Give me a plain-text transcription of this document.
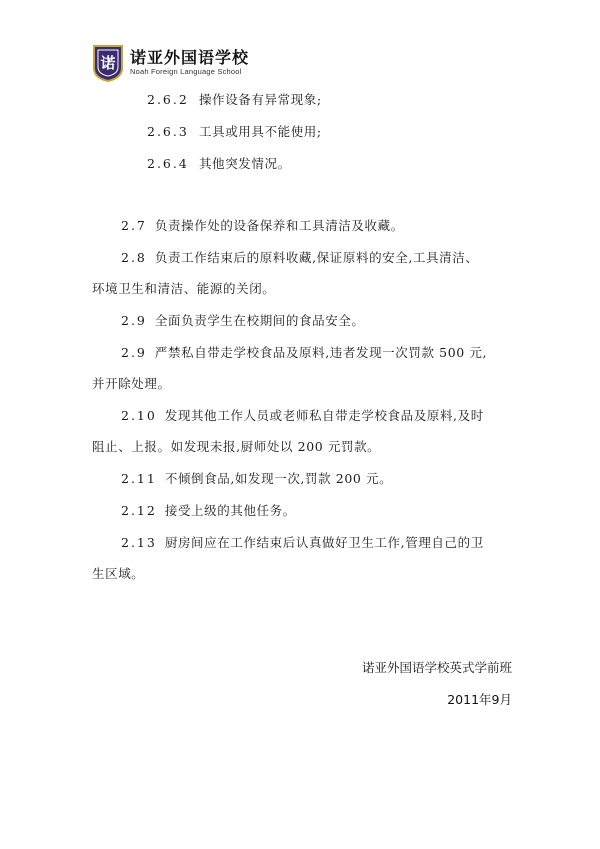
诺 诺亚外国语学校
Noah Foreign Language School
2.6.2 操作设备有异常现象;
2.6.3 工具或用具不能使用;
2.6.4 其他突发情况。
2.7 负责操作处的设备保养和工具清洁及收藏。
2.8 负责工作结束后的原料收藏,保证原料的安全,工具清洁、
环境卫生和清洁、能源的关闭。
2.9 全面负责学生在校期间的食品安全。
2.9 严禁私自带走学校食品及原料,违者发现一次罚款 500 元,
并开除处理。
2.10 发现其他工作人员或老师私自带走学校食品及原料,及时
阻止、上报。如发现未报,厨师处以 200 元罚款。
2.11 不倾倒食品,如发现一次,罚款 200 元。
2.12 接受上级的其他任务。
2.13 厨房间应在工作结束后认真做好卫生工作,管理自己的卫
生区域。
诺亚外国语学校英式学前班
2011年9月
